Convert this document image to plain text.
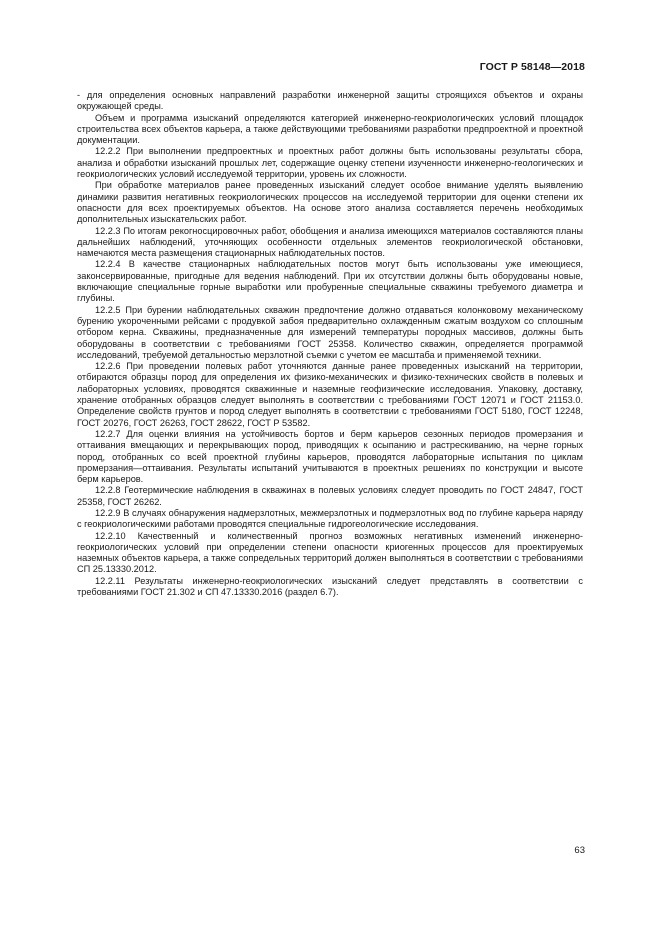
ГОСТ Р 58148—2018

- для определения основных направлений разработки инженерной защиты строящихся объектов и охраны окружающей среды.

Объем и программа изысканий определяются категорией инженерно-геокриологических условий площадок строительства всех объектов карьера, а также действующими требованиями разработки предпроектной и проектной документации.

12.2.2 При выполнении предпроектных и проектных работ должны быть использованы результаты сбора, анализа и обработки изысканий прошлых лет, содержащие оценку степени изученности инженерно-геологических и геокриологических условий исследуемой территории, уровень их сложности.

При обработке материалов ранее проведенных изысканий следует особое внимание уделять выявлению динамики развития негативных геокриологических процессов на исследуемой территории для оценки степени их опасности для всех проектируемых объектов. На основе этого анализа составляется перечень необходимых дополнительных изыскательских работ.

12.2.3 По итогам рекогносцировочных работ, обобщения и анализа имеющихся материалов составляются планы дальнейших наблюдений, уточняющих особенности отдельных элементов геокриологической обстановки, намечаются места размещения стационарных наблюдательных постов.

12.2.4 В качестве стационарных наблюдательных постов могут быть использованы уже имеющиеся, законсервированные, пригодные для ведения наблюдений. При их отсутствии должны быть оборудованы новые, включающие специальные горные выработки или пробуренные специальные скважины требуемого диаметра и глубины.

12.2.5 При бурении наблюдательных скважин предпочтение должно отдаваться колонковому механическому бурению укороченными рейсами с продувкой забоя предварительно охлажденным сжатым воздухом со сплошным отбором керна. Скважины, предназначенные для измерений температуры породных массивов, должны быть оборудованы в соответствии с требованиями ГОСТ 25358. Количество скважин, определяется программой исследований, требуемой детальностью мерзлотной съемки с учетом ее масштаба и применяемой техники.

12.2.6 При проведении полевых работ уточняются данные ранее проведенных изысканий на территории, отбираются образцы пород для определения их физико-механических и физико-технических свойств в полевых и лабораторных условиях, проводятся скважинные и наземные геофизические исследования. Упаковку, доставку, хранение отобранных образцов следует выполнять в соответствии с требованиями ГОСТ 12071 и ГОСТ 21153.0. Определение свойств грунтов и пород следует выполнять в соответствии с требованиями ГОСТ 5180, ГОСТ 12248, ГОСТ 20276, ГОСТ 26263, ГОСТ 28622, ГОСТ Р 53582.

12.2.7 Для оценки влияния на устойчивость бортов и берм карьеров сезонных периодов промерзания и оттаивания вмещающих и перекрывающих пород, приводящих к осыпанию и растрескиванию, на черне горных пород, отобранных со всей проектной глубины карьеров, проводятся лабораторные испытания по циклам промерзания—оттаивания. Результаты испытаний учитываются в проектных решениях по конструкции и высоте берм карьеров.

12.2.8 Геотермические наблюдения в скважинах в полевых условиях следует проводить по ГОСТ 24847, ГОСТ 25358, ГОСТ 26262.

12.2.9 В случаях обнаружения надмерзлотных, межмерзлотных и подмерзлотных вод по глубине карьера наряду с геокриологическими работами проводятся специальные гидрогеологические исследования.

12.2.10 Качественный и количественный прогноз возможных негативных изменений инженерно-геокриологических условий при определении степени опасности криогенных процессов для проектируемых наземных объектов карьера, а также сопредельных территорий должен выполняться в соответствии с требованиями СП 25.13330.2012.

12.2.11 Результаты инженерно-геокриологических изысканий следует представлять в соответствии с требованиями ГОСТ 21.302 и СП 47.13330.2016 (раздел 6.7).

63
